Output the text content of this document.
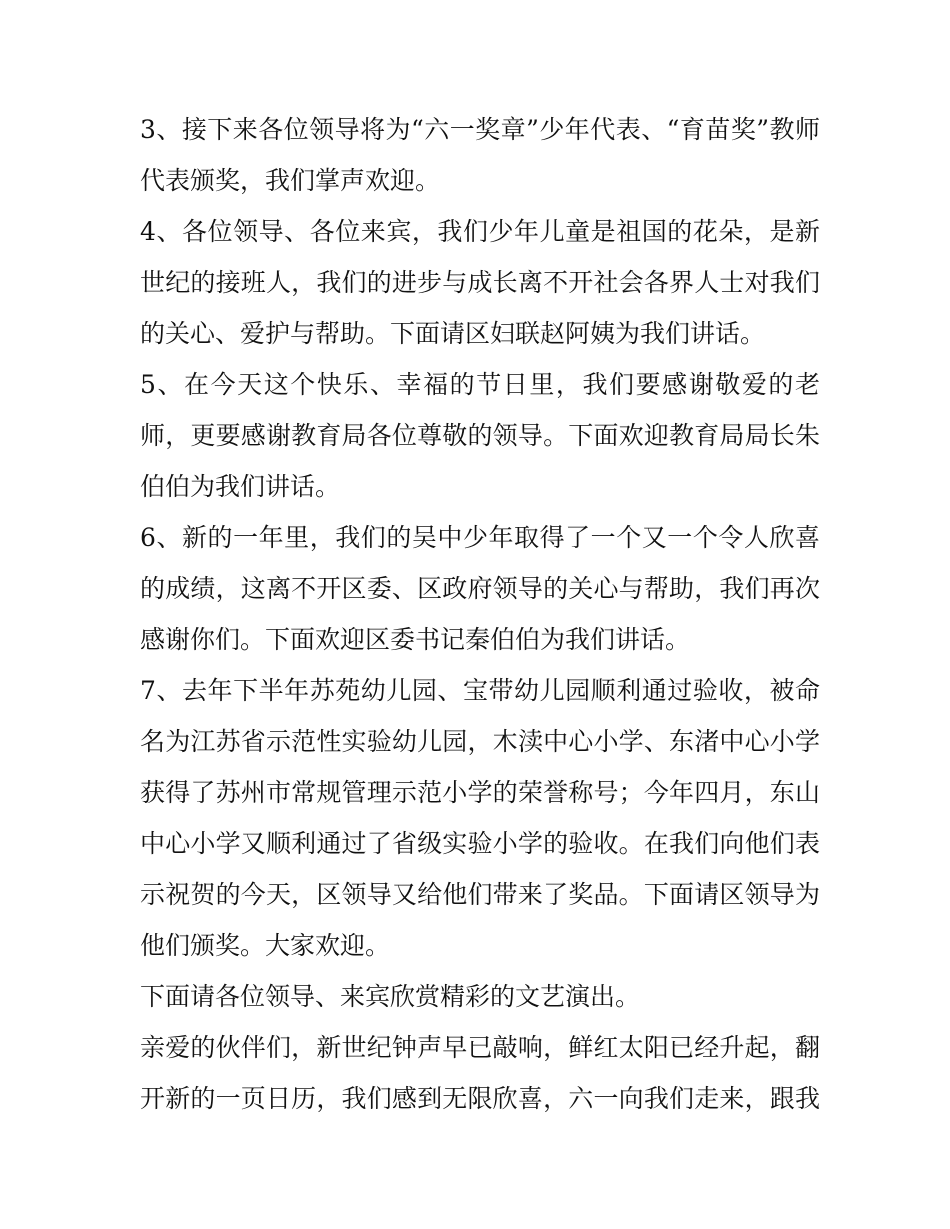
3、接下来各位领导将为“六一奖章”少年代表、“育苗奖”教师
代表颁奖，我们掌声欢迎。
4、各位领导、各位来宾，我们少年儿童是祖国的花朵，是新
世纪的接班人，我们的进步与成长离不开社会各界人士对我们
的关心、爱护与帮助。下面请区妇联赵阿姨为我们讲话。
5、在今天这个快乐、幸福的节日里，我们要感谢敬爱的老
师，更要感谢教育局各位尊敬的领导。下面欢迎教育局局长朱
伯伯为我们讲话。
6、新的一年里，我们的吴中少年取得了一个又一个令人欣喜
的成绩，这离不开区委、区政府领导的关心与帮助，我们再次
感谢你们。下面欢迎区委书记秦伯伯为我们讲话。
7、去年下半年苏苑幼儿园、宝带幼儿园顺利通过验收，被命
名为江苏省示范性实验幼儿园，木渎中心小学、东渚中心小学
获得了苏州市常规管理示范小学的荣誉称号；今年四月，东山
中心小学又顺利通过了省级实验小学的验收。在我们向他们表
示祝贺的今天，区领导又给他们带来了奖品。下面请区领导为
他们颁奖。大家欢迎。
下面请各位领导、来宾欣赏精彩的文艺演出。
亲爱的伙伴们，新世纪钟声早已敲响，鲜红太阳已经升起，翻
开新的一页日历，我们感到无限欣喜，六一向我们走来，跟我
